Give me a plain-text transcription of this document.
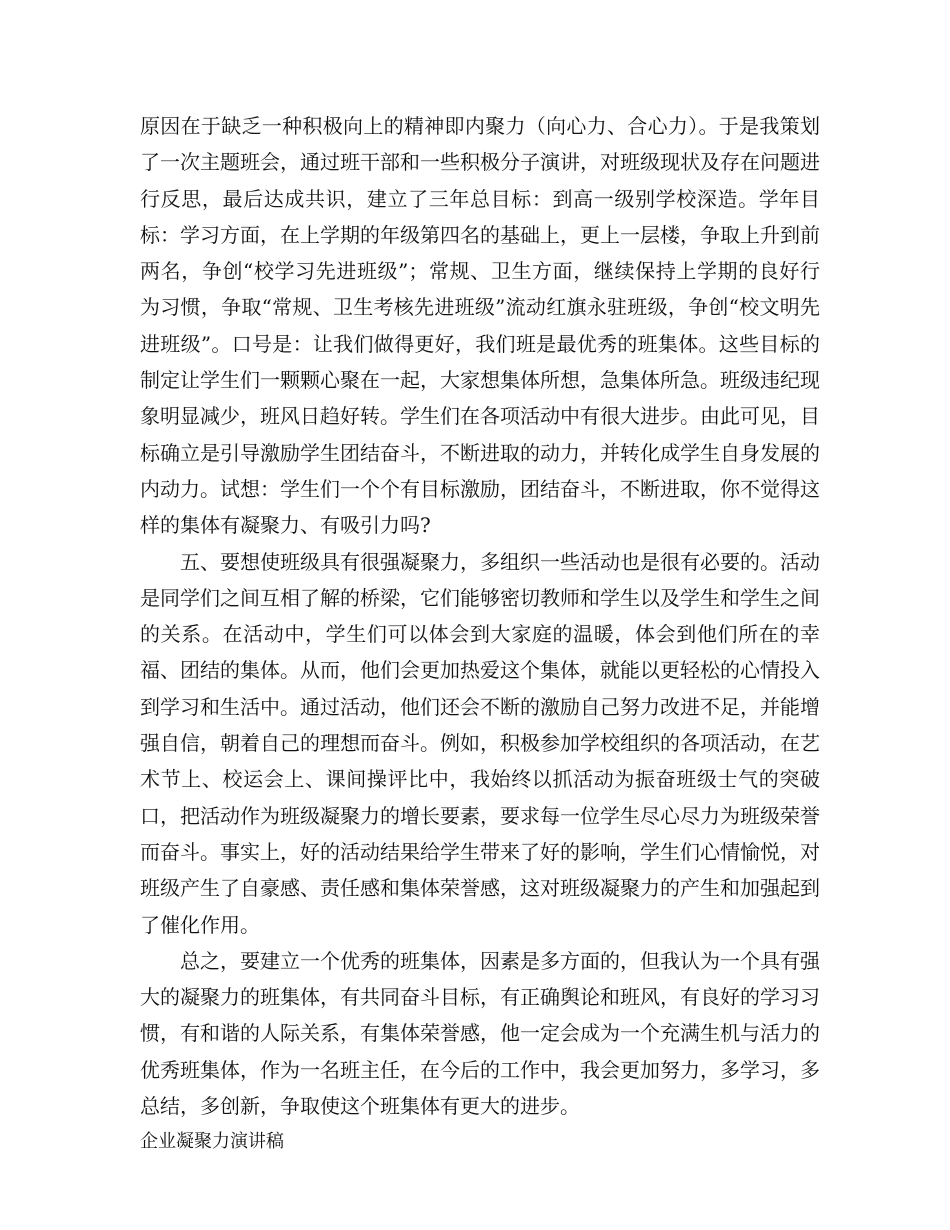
原因在于缺乏一种积极向上的精神即内聚力（向心力、合心力）。于是我策划了一次主题班会，通过班干部和一些积极分子演讲，对班级现状及存在问题进行反思，最后达成共识，建立了三年总目标：到高一级别学校深造。学年目标：学习方面，在上学期的年级第四名的基础上，更上一层楼，争取上升到前两名，争创“校学习先进班级”；常规、卫生方面，继续保持上学期的良好行为习惯，争取“常规、卫生考核先进班级”流动红旗永驻班级，争创“校文明先进班级”。口号是：让我们做得更好，我们班是最优秀的班集体。这些目标的制定让学生们一颗颗心聚在一起，大家想集体所想，急集体所急。班级违纪现象明显减少，班风日趋好转。学生们在各项活动中有很大进步。由此可见，目标确立是引导激励学生团结奋斗，不断进取的动力，并转化成学生自身发展的内动力。试想：学生们一个个有目标激励，团结奋斗，不断进取，你不觉得这样的集体有凝聚力、有吸引力吗?

五、要想使班级具有很强凝聚力，多组织一些活动也是很有必要的。活动是同学们之间互相了解的桥梁，它们能够密切教师和学生以及学生和学生之间的关系。在活动中，学生们可以体会到大家庭的温暖，体会到他们所在的幸福、团结的集体。从而，他们会更加热爱这个集体，就能以更轻松的心情投入到学习和生活中。通过活动，他们还会不断的激励自己努力改进不足，并能增强自信，朝着自己的理想而奋斗。例如，积极参加学校组织的各项活动，在艺术节上、校运会上、课间操评比中，我始终以抓活动为振奋班级士气的突破口，把活动作为班级凝聚力的增长要素，要求每一位学生尽心尽力为班级荣誉而奋斗。事实上，好的活动结果给学生带来了好的影响，学生们心情愉悦，对班级产生了自豪感、责任感和集体荣誉感，这对班级凝聚力的产生和加强起到了催化作用。

总之，要建立一个优秀的班集体，因素是多方面的，但我认为一个具有强大的凝聚力的班集体，有共同奋斗目标，有正确舆论和班风，有良好的学习习惯，有和谐的人际关系，有集体荣誉感，他一定会成为一个充满生机与活力的优秀班集体，作为一名班主任，在今后的工作中，我会更加努力，多学习，多总结，多创新，争取使这个班集体有更大的进步。

企业凝聚力演讲稿
